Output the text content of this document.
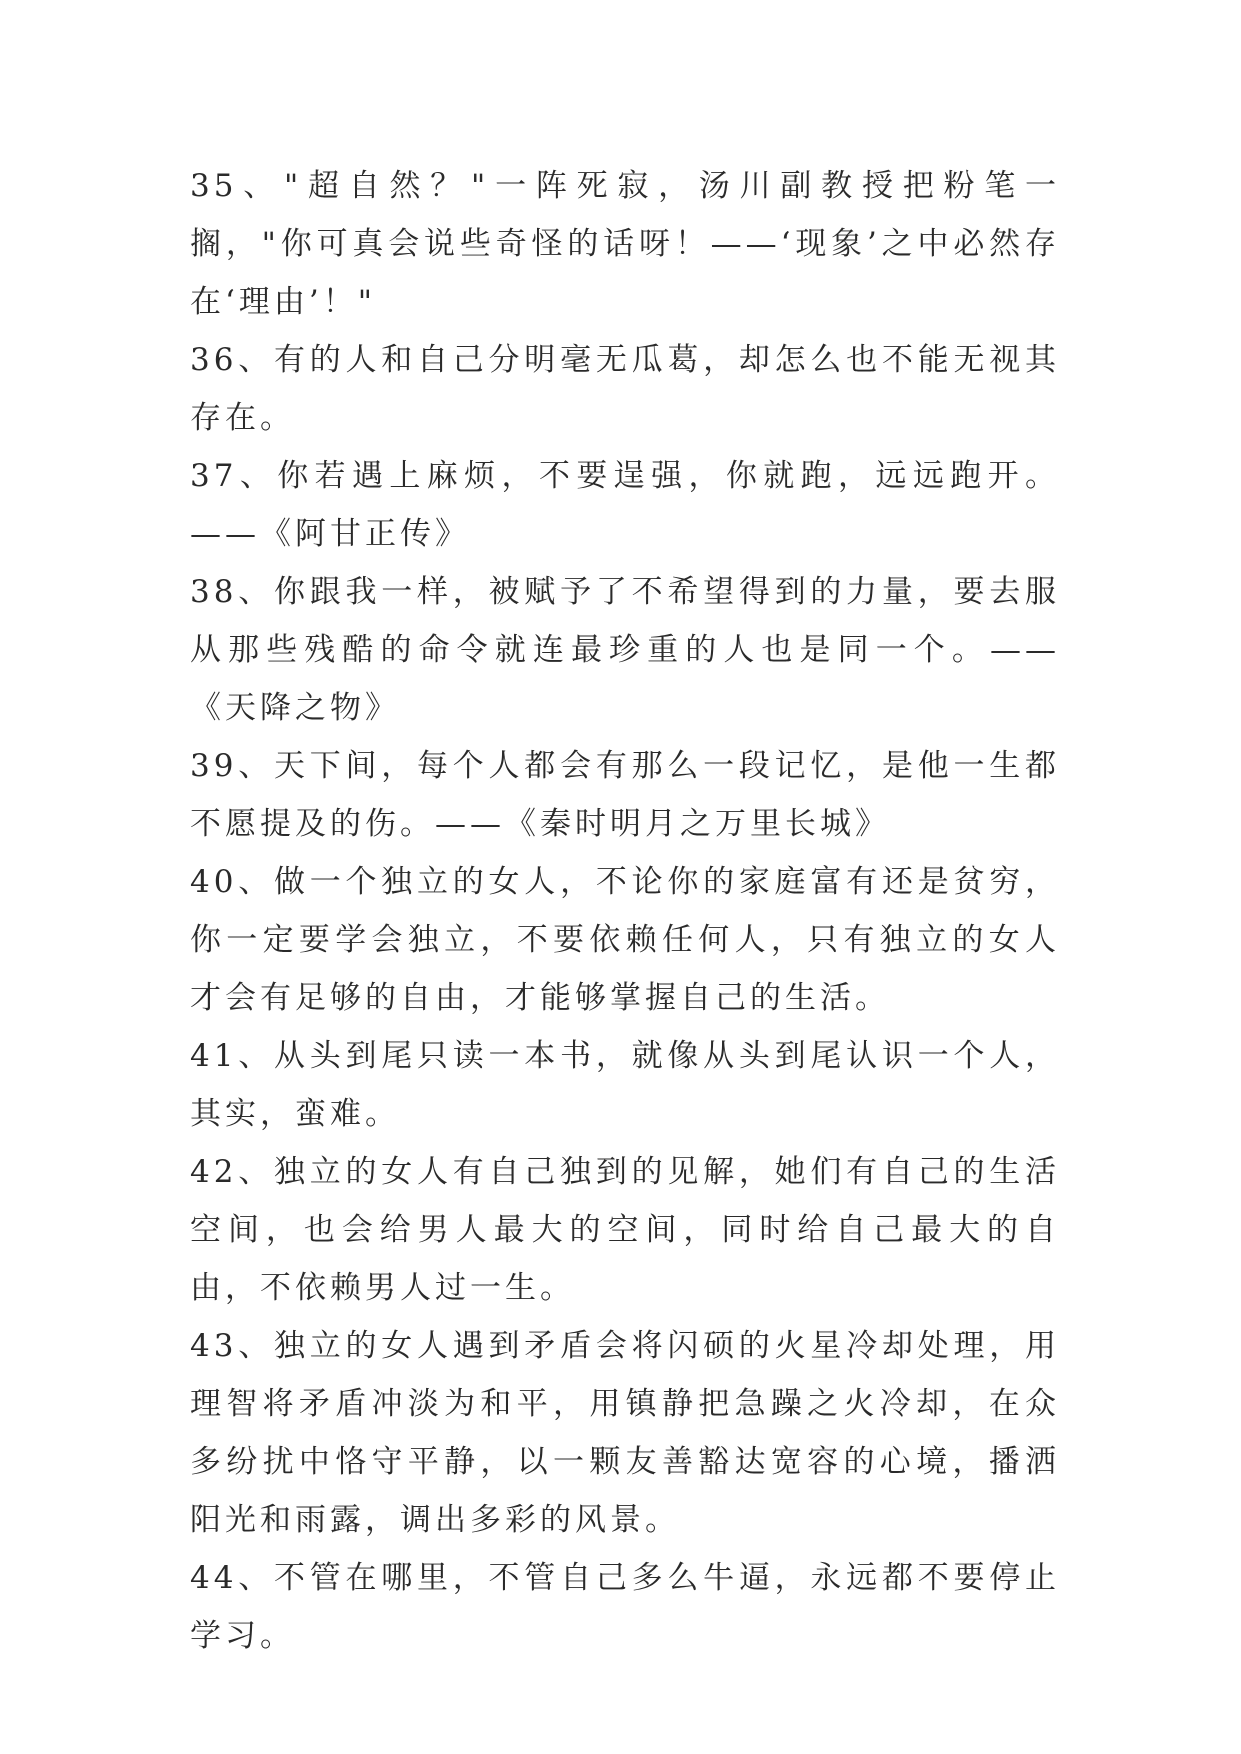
35、"超自然？"一阵死寂，汤川副教授把粉笔一搁，"你可真会说些奇怪的话呀！——‘现象’之中必然存在‘理由’！"

36、有的人和自己分明毫无瓜葛，却怎么也不能无视其存在。

37、你若遇上麻烦，不要逞强，你就跑，远远跑开。——《阿甘正传》

38、你跟我一样，被赋予了不希望得到的力量，要去服从那些残酷的命令就连最珍重的人也是同一个。——《天降之物》

39、天下间，每个人都会有那么一段记忆，是他一生都不愿提及的伤。——《秦时明月之万里长城》

40、做一个独立的女人，不论你的家庭富有还是贫穷，你一定要学会独立，不要依赖任何人，只有独立的女人才会有足够的自由，才能够掌握自己的生活。

41、从头到尾只读一本书，就像从头到尾认识一个人，其实，蛮难。

42、独立的女人有自己独到的见解，她们有自己的生活空间，也会给男人最大的空间，同时给自己最大的自由，不依赖男人过一生。

43、独立的女人遇到矛盾会将闪硕的火星冷却处理，用理智将矛盾冲淡为和平，用镇静把急躁之火冷却，在众多纷扰中恪守平静，以一颗友善豁达宽容的心境，播洒阳光和雨露，调出多彩的风景。

44、不管在哪里，不管自己多么牛逼，永远都不要停止学习。
